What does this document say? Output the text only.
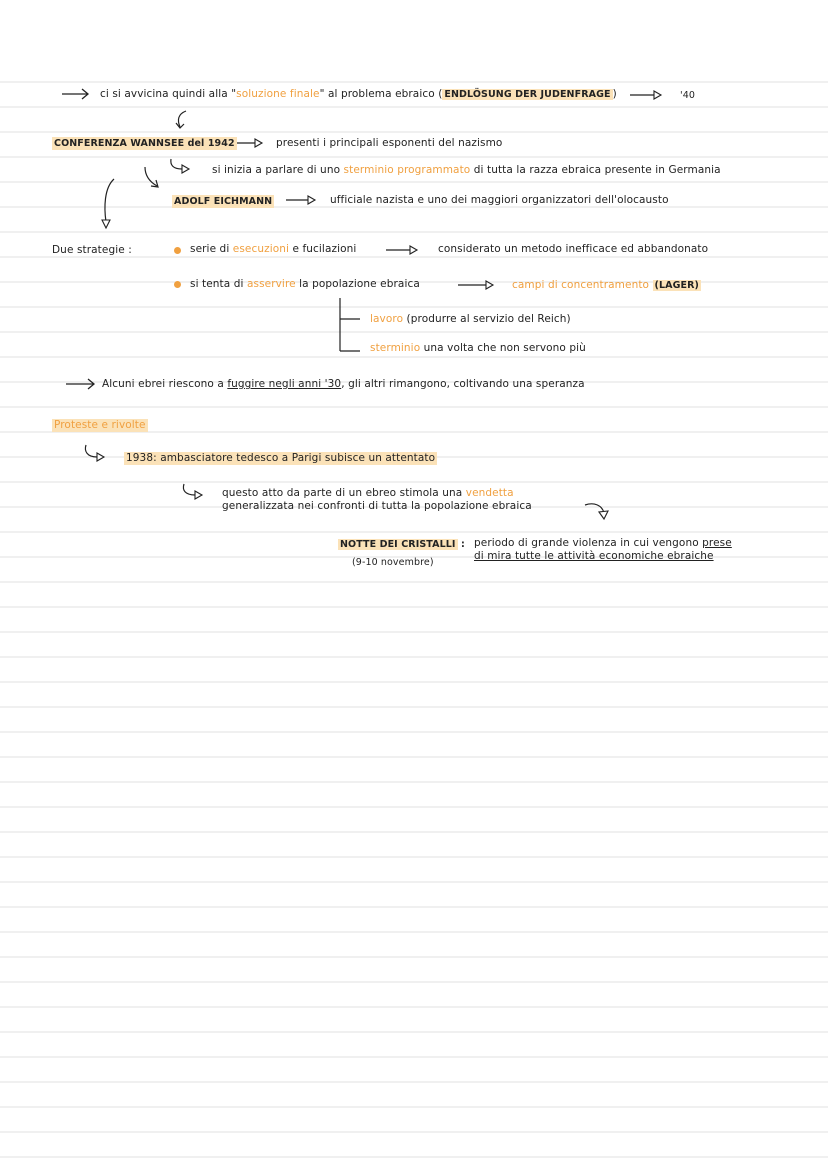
ci si avvicina quindi alla "soluzione finale" al problema ebraico ( ENDLÖSUNG DER JUDENFRAGE )	'40
CONFERENZA WANNSEE del 1942	presenti i principali esponenti del nazismo
si inizia a parlare di uno sterminio programmato di tutta la razza ebraica presente in Germania
ADOLF EICHMANN	ufficiale nazista e uno dei maggiori organizzatori dell'olocausto
Due strategie :	serie di esecuzioni e fucilazioni	considerato un metodo inefficace ed abbandonato
si tenta di asservire la popolazione ebraica	campi di concentramento (LAGER)
lavoro (produrre al servizio del Reich)
sterminio una volta che non servono più
Alcuni ebrei riescono a fuggire negli anni '30, gli altri rimangono, coltivando una speranza
Proteste e rivolte
1938: ambasciatore tedesco a Parigi subisce un attentato
questo atto da parte di un ebreo stimola una vendetta
generalizzata nei confronti di tutta la popolazione ebraica
NOTTE DEI CRISTALLI :
(9-10 novembre)
periodo di grande violenza in cui vengono prese
di mira tutte le attività economiche ebraiche
